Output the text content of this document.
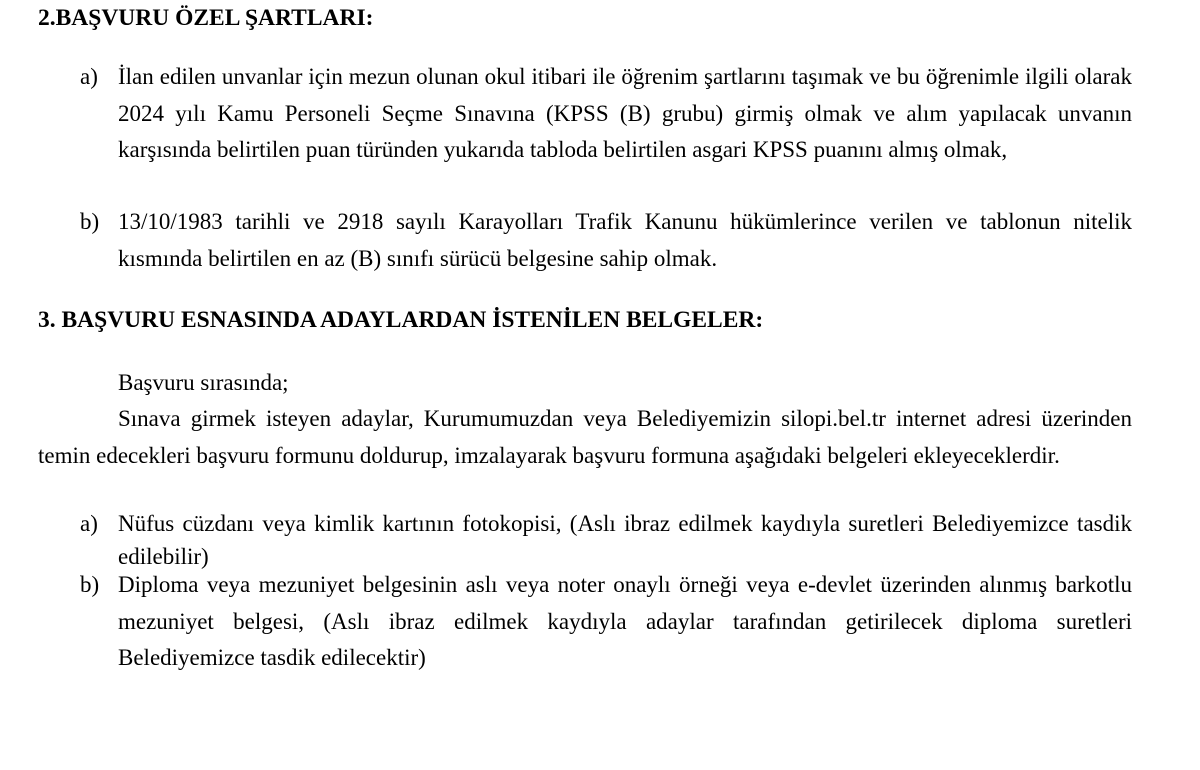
2.BAŞVURU ÖZEL ŞARTLARI:
a) İlan edilen unvanlar için mezun olunan okul itibari ile öğrenim şartlarını taşımak ve bu öğrenimle ilgili olarak 2024 yılı Kamu Personeli Seçme Sınavına (KPSS (B) grubu) girmiş olmak ve alım yapılacak unvanın karşısında belirtilen puan türünden yukarıda tabloda belirtilen asgari KPSS puanını almış olmak,
b) 13/10/1983 tarihli ve 2918 sayılı Karayolları Trafik Kanunu hükümlerince verilen ve tablonun nitelik kısmında belirtilen en az (B) sınıfı sürücü belgesine sahip olmak.
3. BAŞVURU ESNASINDA ADAYLARDAN İSTENİLEN BELGELER:
Başvuru sırasında;
Sınava girmek isteyen adaylar, Kurumumuzdan veya Belediyemizin silopi.bel.tr internet adresi üzerinden temin edecekleri başvuru formunu doldurup, imzalayarak başvuru formuna aşağıdaki belgeleri ekleyeceklerdir.
a) Nüfus cüzdanı veya kimlik kartının fotokopisi, (Aslı ibraz edilmek kaydıyla suretleri Belediyemizce tasdik edilebilir)
b) Diploma veya mezuniyet belgesinin aslı veya noter onaylı örneği veya e-devlet üzerinden alınmış barkotlu mezuniyet belgesi, (Aslı ibraz edilmek kaydıyla adaylar tarafından getirilecek diploma suretleri Belediyemizce tasdik edilecektir)
